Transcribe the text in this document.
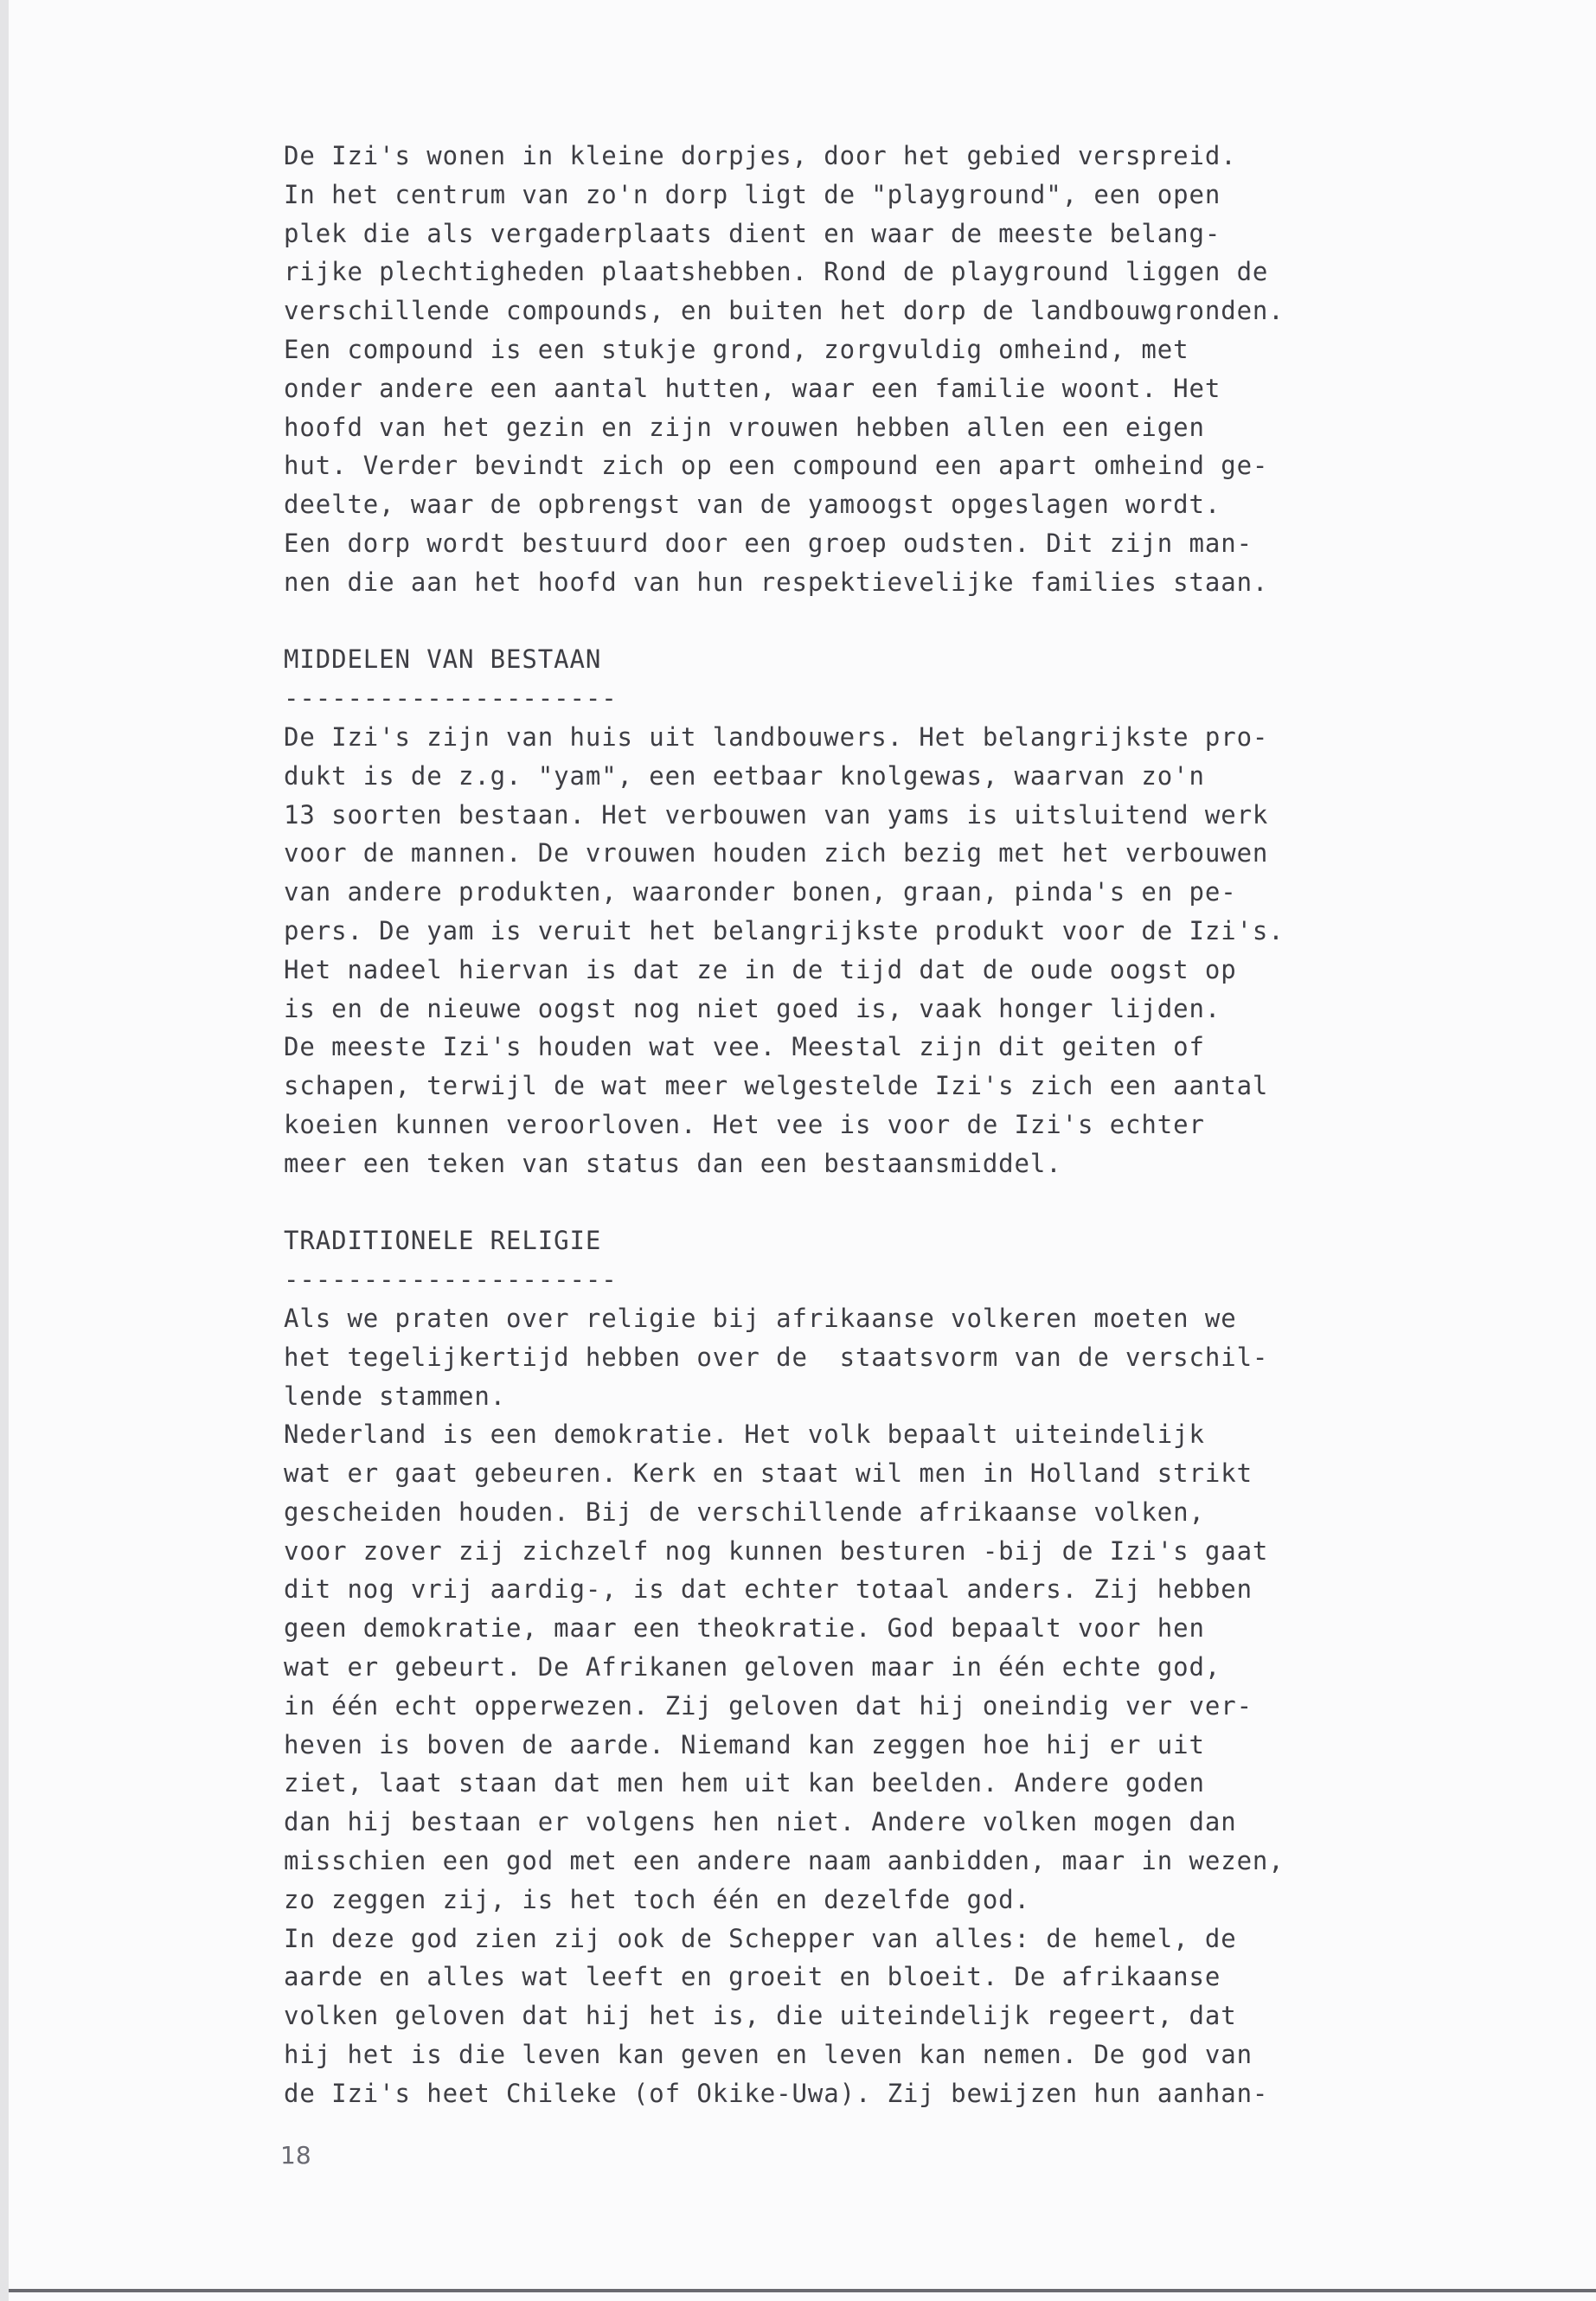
De Izi's wonen in kleine dorpjes, door het gebied verspreid.
In het centrum van zo'n dorp ligt de "playground", een open
plek die als vergaderplaats dient en waar de meeste belang-
rijke plechtigheden plaatshebben. Rond de playground liggen de
verschillende compounds, en buiten het dorp de landbouwgronden.
Een compound is een stukje grond, zorgvuldig omheind, met
onder andere een aantal hutten, waar een familie woont. Het
hoofd van het gezin en zijn vrouwen hebben allen een eigen
hut. Verder bevindt zich op een compound een apart omheind ge-
deelte, waar de opbrengst van de yamoogst opgeslagen wordt.
Een dorp wordt bestuurd door een groep oudsten. Dit zijn man-
nen die aan het hoofd van hun respektievelijke families staan.
MIDDELEN VAN BESTAAN
---------------------
De Izi's zijn van huis uit landbouwers. Het belangrijkste pro-
dukt is de z.g. "yam", een eetbaar knolgewas, waarvan zo'n
13 soorten bestaan. Het verbouwen van yams is uitsluitend werk
voor de mannen. De vrouwen houden zich bezig met het verbouwen
van andere produkten, waaronder bonen, graan, pinda's en pe-
pers. De yam is veruit het belangrijkste produkt voor de Izi's.
Het nadeel hiervan is dat ze in de tijd dat de oude oogst op
is en de nieuwe oogst nog niet goed is, vaak honger lijden.
De meeste Izi's houden wat vee. Meestal zijn dit geiten of
schapen, terwijl de wat meer welgestelde Izi's zich een aantal
koeien kunnen veroorloven. Het vee is voor de Izi's echter
meer een teken van status dan een bestaansmiddel.
TRADITIONELE RELIGIE
---------------------
Als we praten over religie bij afrikaanse volkeren moeten we
het tegelijkertijd hebben over de  staatsvorm van de verschil-
lende stammen.
Nederland is een demokratie. Het volk bepaalt uiteindelijk
wat er gaat gebeuren. Kerk en staat wil men in Holland strikt
gescheiden houden. Bij de verschillende afrikaanse volken,
voor zover zij zichzelf nog kunnen besturen -bij de Izi's gaat
dit nog vrij aardig-, is dat echter totaal anders. Zij hebben
geen demokratie, maar een theokratie. God bepaalt voor hen
wat er gebeurt. De Afrikanen geloven maar in één echte god,
in één echt opperwezen. Zij geloven dat hij oneindig ver ver-
heven is boven de aarde. Niemand kan zeggen hoe hij er uit
ziet, laat staan dat men hem uit kan beelden. Andere goden
dan hij bestaan er volgens hen niet. Andere volken mogen dan
misschien een god met een andere naam aanbidden, maar in wezen,
zo zeggen zij, is het toch één en dezelfde god.
In deze god zien zij ook de Schepper van alles: de hemel, de
aarde en alles wat leeft en groeit en bloeit. De afrikaanse
volken geloven dat hij het is, die uiteindelijk regeert, dat
hij het is die leven kan geven en leven kan nemen. De god van
de Izi's heet Chileke (of Okike-Uwa). Zij bewijzen hun aanhan-
18
